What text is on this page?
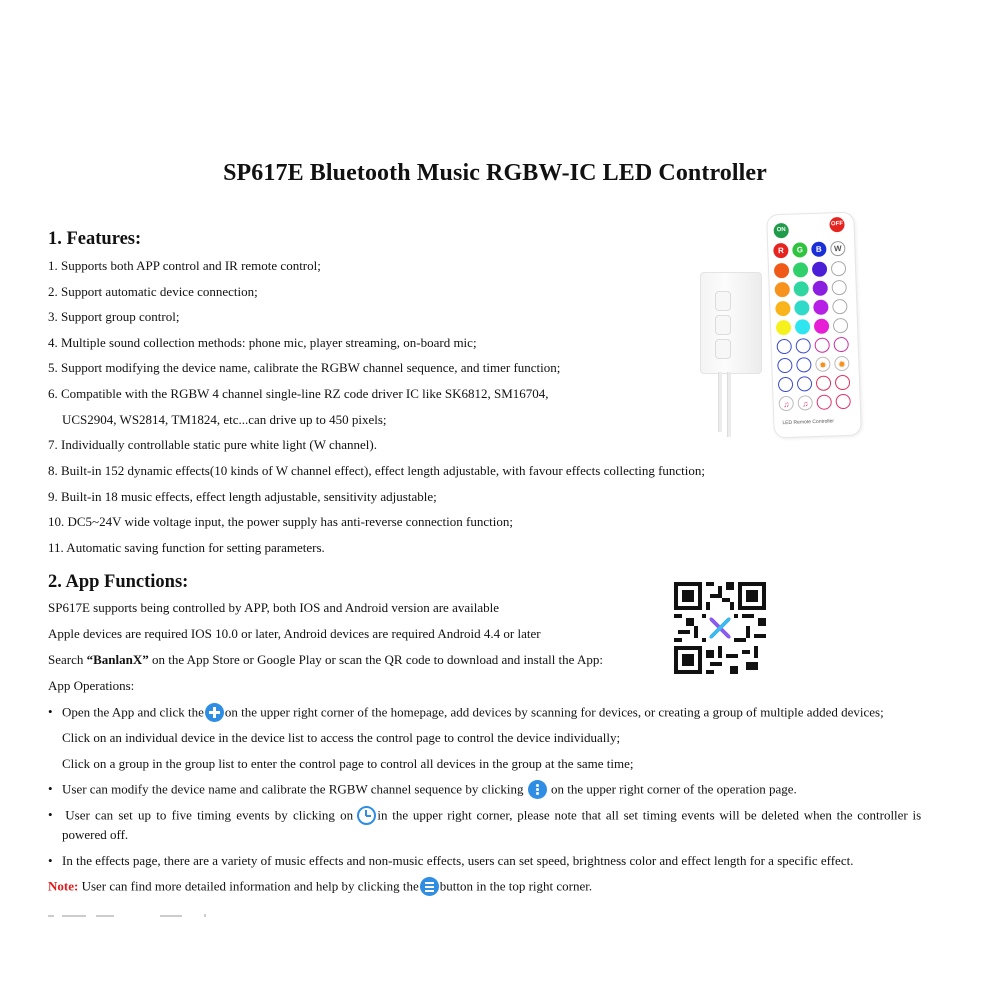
SP617E Bluetooth Music RGBW-IC LED Controller
1. Features:
1. Supports both APP control and IR remote control;
2. Support automatic device connection;
3. Support group control;
4. Multiple sound collection methods: phone mic, player streaming, on-board mic;
5. Support modifying the device name, calibrate the RGBW channel sequence, and timer function;
6. Compatible with the RGBW 4 channel single-line RZ code driver IC like SK6812, SM16704,
UCS2904, WS2814, TM1824, etc...can drive up to 450 pixels;
7. Individually controllable static pure white light (W channel).
8. Built-in 152 dynamic effects(10 kinds of W channel effect), effect length adjustable, with favour effects collecting function;
9. Built-in 18 music effects, effect length adjustable, sensitivity adjustable;
10. DC5~24V wide voltage input, the power supply has anti-reverse connection function;
11. Automatic saving function for setting parameters.
ON
OFF
R	G	B	W
✸	✹
♫	♫
LED Remote Controller
2. App Functions:
SP617E supports being controlled by APP, both IOS and Android version are available
Apple devices are required IOS 10.0 or later, Android devices are required Android 4.4 or later
Search “BanlanX” on the App Store or Google Play or scan the QR code to download and install the App:
App Operations:
• Open the App and click the on the upper right corner of the homepage, add devices by scanning for devices, or creating a group of multiple added devices;
Click on an individual device in the device list to access the control page to control the device individually;
Click on a group in the group list to enter the control page to control all devices in the group at the same time;
• User can modify the device name and calibrate the RGBW channel sequence by clicking on the upper right corner of the operation page.
• User can set up to five timing events by clicking on in the upper right corner, please note that all set timing events will be deleted when the controller is
powered off.
• In the effects page, there are a variety of music effects and non-music effects, users can set speed, brightness color and effect length for a specific effect.
Note: User can find more detailed information and help by clicking the button in the top right corner.
